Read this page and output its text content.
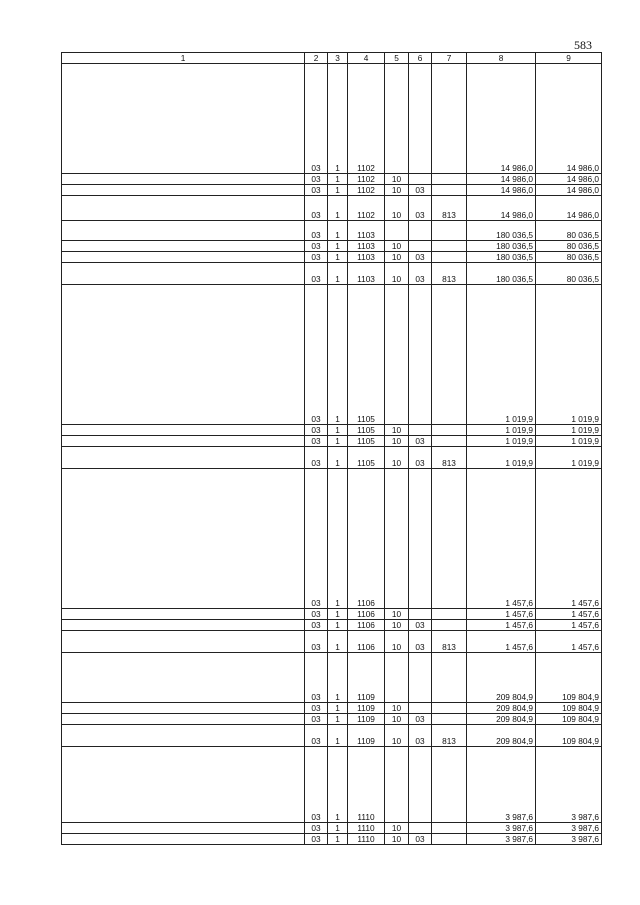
583
1	2	3	4	5	6	7	8	9
	03	1	1102				14 986,0	14 986,0
	03	1	1102	10			14 986,0	14 986,0
	03	1	1102	10	03		14 986,0	14 986,0
	03	1	1102	10	03	813	14 986,0	14 986,0
	03	1	1103				180 036,5	80 036,5
	03	1	1103	10			180 036,5	80 036,5
	03	1	1103	10	03		180 036,5	80 036,5
	03	1	1103	10	03	813	180 036,5	80 036,5
	03	1	1105				1 019,9	1 019,9
	03	1	1105	10			1 019,9	1 019,9
	03	1	1105	10	03		1 019,9	1 019,9
	03	1	1105	10	03	813	1 019,9	1 019,9
	03	1	1106				1 457,6	1 457,6
	03	1	1106	10			1 457,6	1 457,6
	03	1	1106	10	03		1 457,6	1 457,6
	03	1	1106	10	03	813	1 457,6	1 457,6
	03	1	1109				209 804,9	109 804,9
	03	1	1109	10			209 804,9	109 804,9
	03	1	1109	10	03		209 804,9	109 804,9
	03	1	1109	10	03	813	209 804,9	109 804,9
	03	1	1110				3 987,6	3 987,6
	03	1	1110	10			3 987,6	3 987,6
	03	1	1110	10	03		3 987,6	3 987,6
